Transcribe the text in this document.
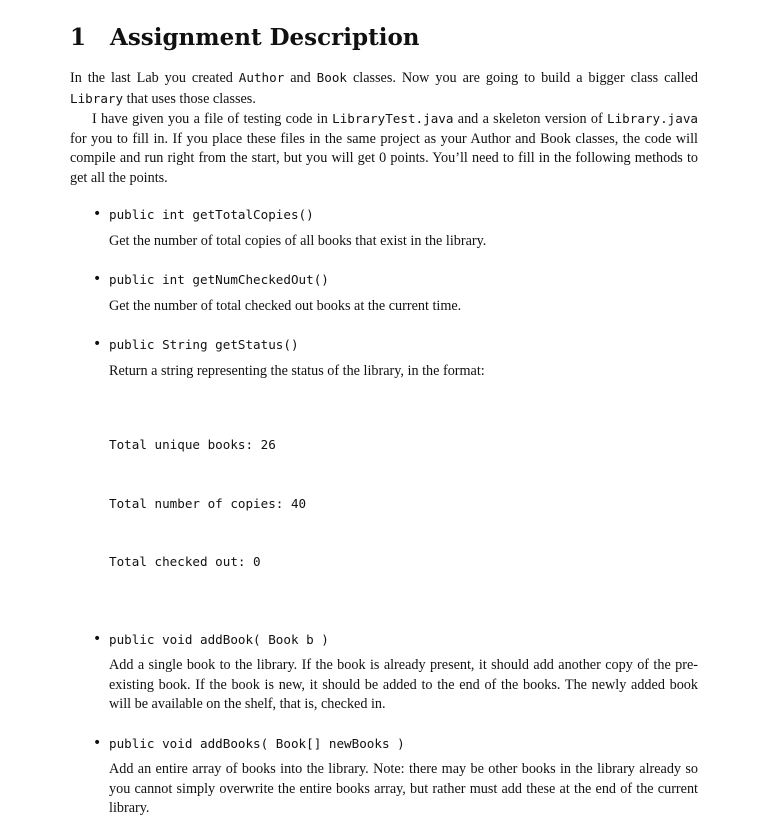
1 Assignment Description

In the last Lab you created Author and Book classes. Now you are going to build a bigger class called Library that uses those classes.

I have given you a file of testing code in LibraryTest.java and a skeleton version of Library.java for you to fill in. If you place these files in the same project as your Author and Book classes, the code will compile and run right from the start, but you will get 0 points. You’ll need to fill in the following methods to get all the points.

• public int getTotalCopies()

Get the number of total copies of all books that exist in the library.

• public int getNumCheckedOut()

Get the number of total checked out books at the current time.

• public String getStatus()

Return a string representing the status of the library, in the format:

Total unique books: 26

Total number of copies: 40

Total checked out: 0

• public void addBook( Book b )

Add a single book to the library. If the book is already present, it should add another copy of the pre-existing book. If the book is new, it should be added to the end of the books. The newly added book will be available on the shelf, that is, checked in.

• public void addBooks( Book[] newBooks )

Add an entire array of books into the library. Note: there may be other books in the library already so you cannot simply overwrite the entire books array, but rather must add these at the end of the current library.
